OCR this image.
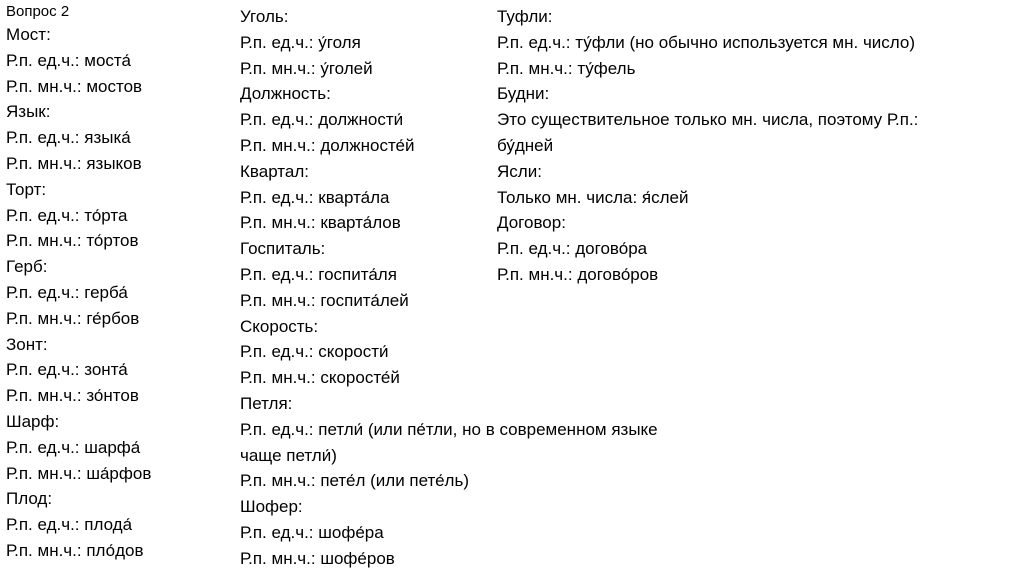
Вопрос 2
Мост:
Р.п. ед.ч.: моста́
Р.п. мн.ч.: мостов
Язык:
Р.п. ед.ч.: языка́
Р.п. мн.ч.: языков
Торт:
Р.п. ед.ч.: то́рта
Р.п. мн.ч.: то́ртов
Герб:
Р.п. ед.ч.: герба́
Р.п. мн.ч.: ге́рбов
Зонт:
Р.п. ед.ч.: зонта́
Р.п. мн.ч.: зо́нтов
Шарф:
Р.п. ед.ч.: шарфа́
Р.п. мн.ч.: ша́рфов
Плод:
Р.п. ед.ч.: плода́
Р.п. мн.ч.: пло́дов
Уголь:
Р.п. ед.ч.: у́голя
Р.п. мн.ч.: у́голей
Должность:
Р.п. ед.ч.: должности́
Р.п. мн.ч.: должносте́й
Квартал:
Р.п. ед.ч.: кварта́ла
Р.п. мн.ч.: кварта́лов
Госпиталь:
Р.п. ед.ч.: госпита́ля
Р.п. мн.ч.: госпита́лей
Скорость:
Р.п. ед.ч.: скорости́
Р.п. мн.ч.: скоросте́й
Петля:
Р.п. ед.ч.: петли́ (или пе́тли, но в современном языке
чаще петли́)
Р.п. мн.ч.: пете́л (или пете́ль)
Шофер:
Р.п. ед.ч.: шофе́ра
Р.п. мн.ч.: шофе́ров
Туфли:
Р.п. ед.ч.: ту́фли (но обычно используется мн. число)
Р.п. мн.ч.: ту́фель
Будни:
Это существительное только мн. числа, поэтому Р.п.:
бу́дней
Ясли:
Только мн. числа: я́слей
Договор:
Р.п. ед.ч.: догово́ра
Р.п. мн.ч.: догово́ров
